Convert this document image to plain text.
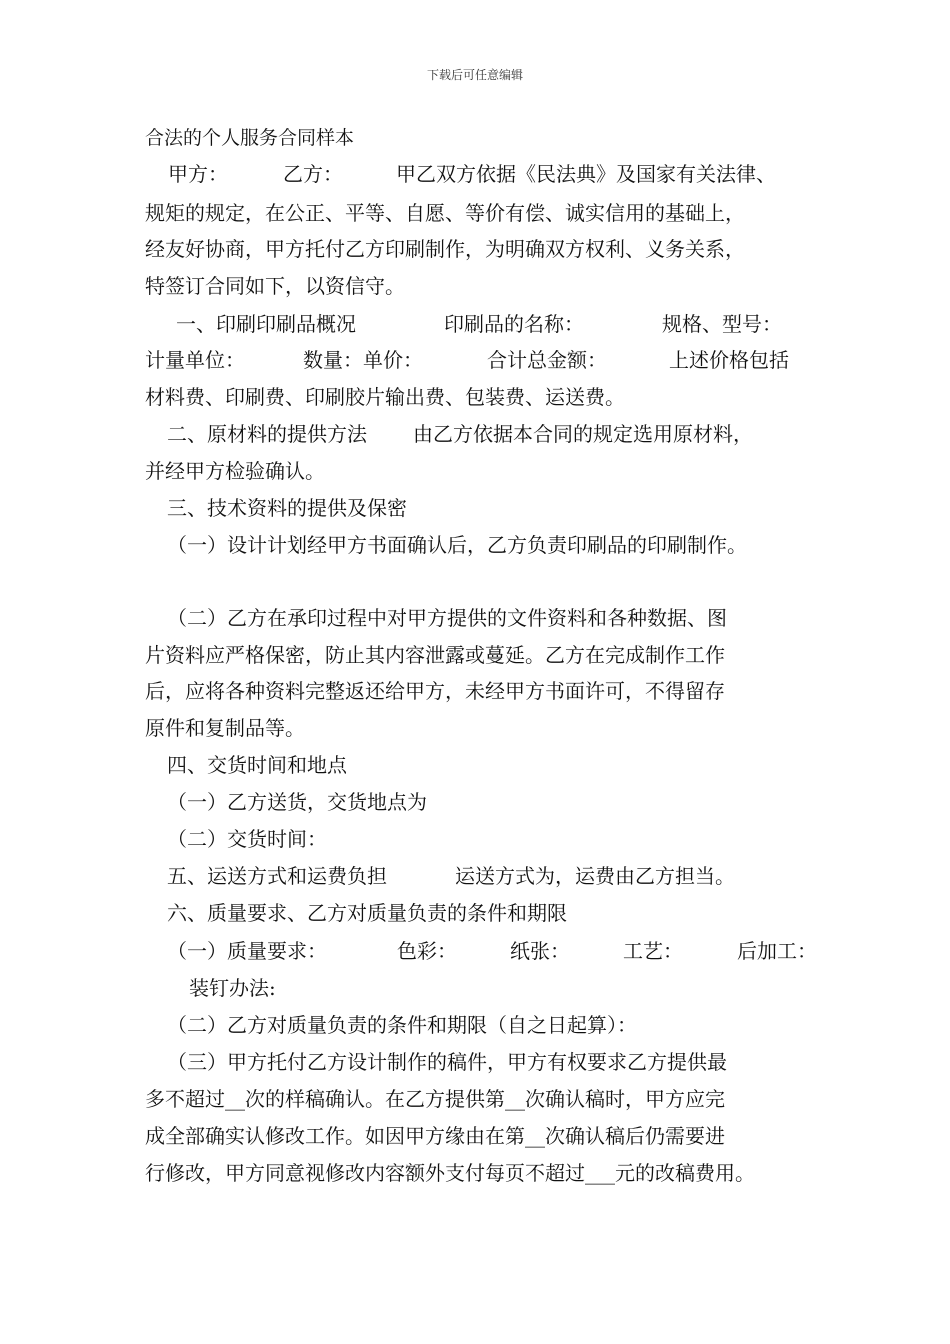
下载后可任意编辑
合法的个人服务合同样本
甲方：	乙方：	甲乙双方依据《民法典》及国家有关法律、
规矩的规定，在公正、平等、自愿、等价有偿、诚实信用的基础上，
经友好协商，甲方托付乙方印刷制作，为明确双方权利、义务关系，
特签订合同如下，以资信守。
一、印刷印刷品概况	印刷品的名称：	规格、型号：
计量单位：	数量：单价：	合计总金额：	上述价格包括
材料费、印刷费、印刷胶片输出费、包装费、运送费。
二、原材料的提供方法 由乙方依据本合同的规定选用原材料，
并经甲方检验确认。
三、技术资料的提供及保密
（一）设计计划经甲方书面确认后，乙方负责印刷品的印刷制作。
（二）乙方在承印过程中对甲方提供的文件资料和各种数据、图
片资料应严格保密，防止其内容泄露或蔓延。乙方在完成制作工作
后，应将各种资料完整返还给甲方，未经甲方书面许可，不得留存
原件和复制品等。
四、交货时间和地点
（一）乙方送货，交货地点为
（二）交货时间：
五、运送方式和运费负担	运送方式为，运费由乙方担当。
六、质量要求、乙方对质量负责的条件和期限
（一）质量要求：	色彩：	纸张：	工艺：	后加工：
装钉办法:
（二）乙方对质量负责的条件和期限（自之日起算）：
（三）甲方托付乙方设计制作的稿件，甲方有权要求乙方提供最
多不超过__次的样稿确认。在乙方提供第__次确认稿时，甲方应完
成全部确实认修改工作。如因甲方缘由在第__次确认稿后仍需要进
行修改，甲方同意视修改内容额外支付每页不超过___元的改稿费用。
